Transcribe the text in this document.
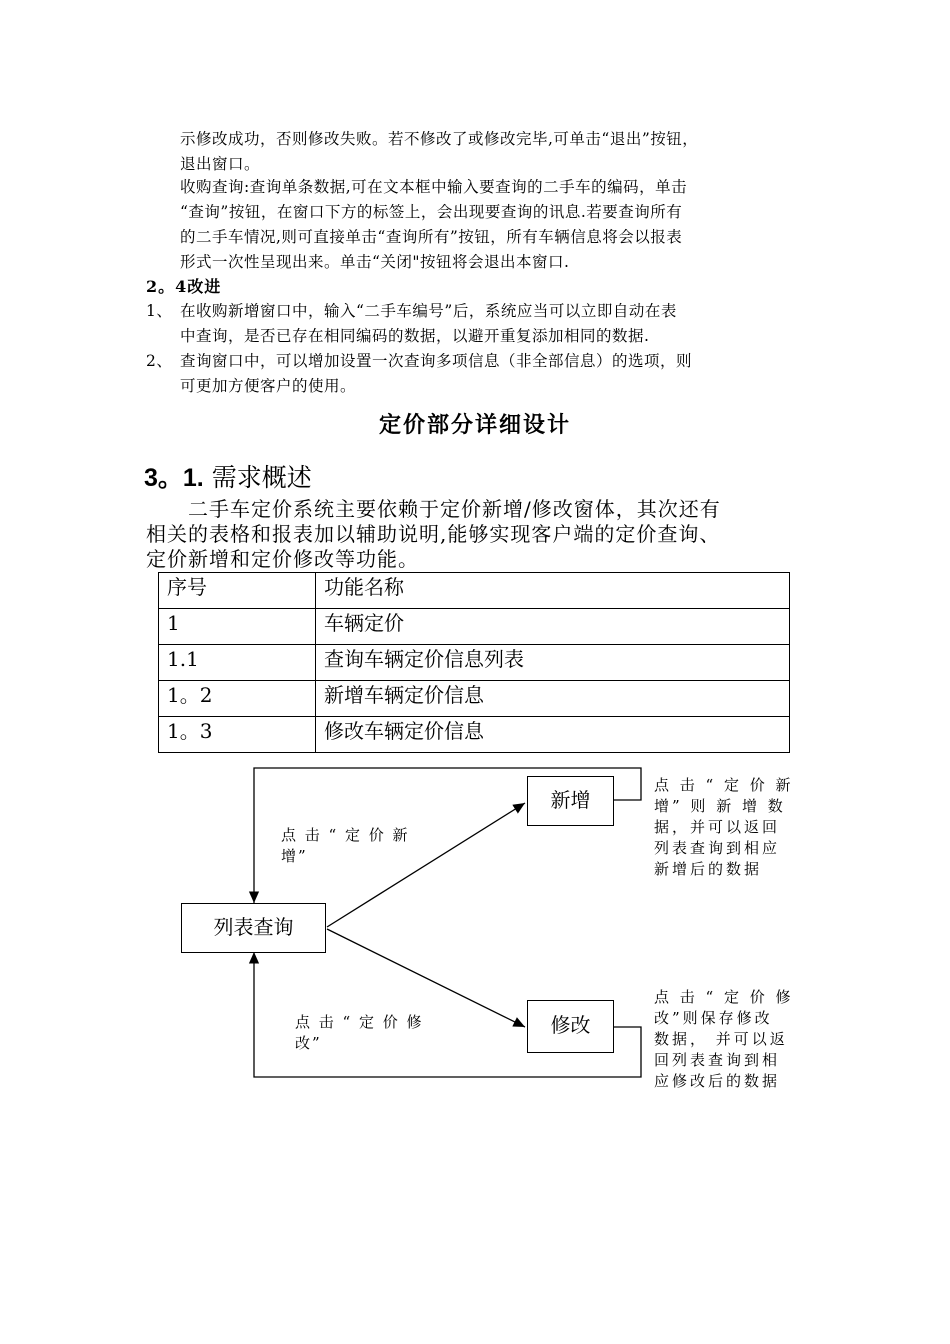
示修改成功，否则修改失败。若不修改了或修改完毕,可单击“退出”按钮，
退出窗口。

收购查询:查询单条数据,可在文本框中输入要查询的二手车的编码，单击
“查询”按钮，在窗口下方的标签上，会出现要查询的讯息.若要查询所有
的二手车情况,则可直接单击“查询所有”按钮，所有车辆信息将会以报表
形式一次性呈现出来。单击“关闭"按钮将会退出本窗口.

2。4改进

1、 在收购新增窗口中，输入“二手车编号”后，系统应当可以立即自动在表
中查询，是否已存在相同编码的数据，以避开重复添加相同的数据.
2、 查询窗口中，可以增加设置一次查询多项信息（非全部信息）的选项，则
可更加方便客户的使用。

定价部分详细设计

3。1. 需求概述

　　二手车定价系统主要依赖于定价新增/修改窗体，其次还有
相关的表格和报表加以辅助说明,能够实现客户端的定价查询、
定价新增和定价修改等功能。

序号	功能名称
1	车辆定价
1.1	查询车辆定价信息列表
1。2	新增车辆定价信息
1。3	修改车辆定价信息
列表查询
新增
修改

点 击 “ 定 价 新
增”

点 击 “ 定 价 修
改”

点 击 “ 定 价 新
增” 则 新 增 数
据，并可以返回
列表查询到相应
新增后的数据

点 击 “ 定 价 修
改”则保存修改
数据， 并可以返
回列表查询到相
应修改后的数据
